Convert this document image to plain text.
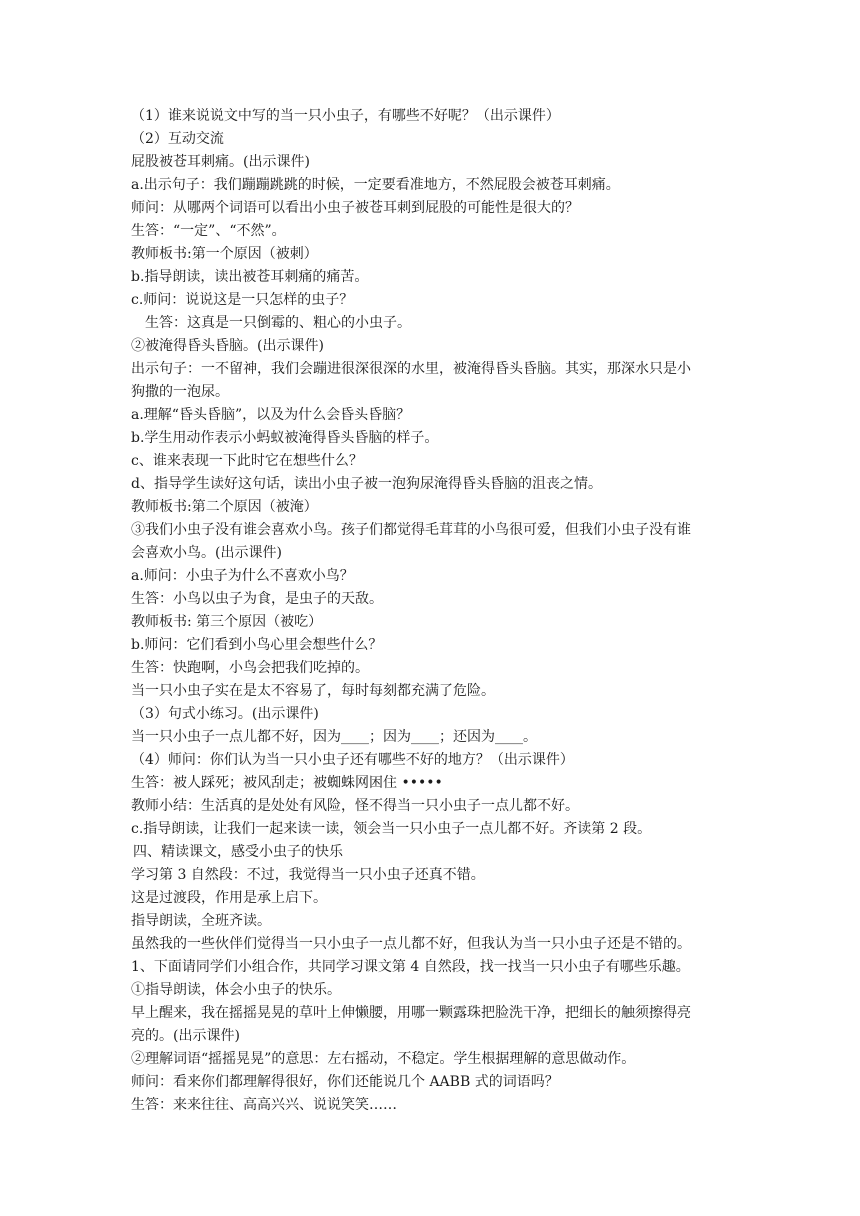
（1）谁来说说文中写的当一只小虫子，有哪些不好呢？（出示课件）
（2）互动交流
屁股被苍耳刺痛。(出示课件)
a.出示句子：我们蹦蹦跳跳的时候，一定要看准地方，不然屁股会被苍耳刺痛。
师问：从哪两个词语可以看出小虫子被苍耳刺到屁股的可能性是很大的？
生答：“一定”、“不然”。
教师板书:第一个原因（被刺）
b.指导朗读，读出被苍耳刺痛的痛苦。
c.师问：说说这是一只怎样的虫子？
生答：这真是一只倒霉的、粗心的小虫子。
②被淹得昏头昏脑。(出示课件)
出示句子：一不留神，我们会蹦进很深很深的水里，被淹得昏头昏脑。其实，那深水只是小
狗撒的一泡尿。
a.理解“昏头昏脑”，以及为什么会昏头昏脑？
b.学生用动作表示小蚂蚁被淹得昏头昏脑的样子。
c、谁来表现一下此时它在想些什么？
d、指导学生读好这句话，读出小虫子被一泡狗尿淹得昏头昏脑的沮丧之情。
教师板书:第二个原因（被淹）
③我们小虫子没有谁会喜欢小鸟。孩子们都觉得毛茸茸的小鸟很可爱，但我们小虫子没有谁
会喜欢小鸟。(出示课件)
a.师问：小虫子为什么不喜欢小鸟？
生答：小鸟以虫子为食，是虫子的天敌。
教师板书: 第三个原因（被吃）
b.师问：它们看到小鸟心里会想些什么？
生答：快跑啊，小鸟会把我们吃掉的。
当一只小虫子实在是太不容易了，每时每刻都充满了危险。
（3）句式小练习。(出示课件)
当一只小虫子一点儿都不好，因为____；因为____；还因为____。
（4）师问：你们认为当一只小虫子还有哪些不好的地方？（出示课件）
生答：被人踩死；被风刮走；被蜘蛛网困住 •••••
教师小结：生活真的是处处有风险，怪不得当一只小虫子一点儿都不好。
c.指导朗读，让我们一起来读一读，领会当一只小虫子一点儿都不好。齐读第 2 段。
四、精读课文，感受小虫子的快乐
学习第 3 自然段：不过，我觉得当一只小虫子还真不错。
这是过渡段，作用是承上启下。
指导朗读，全班齐读。
虽然我的一些伙伴们觉得当一只小虫子一点儿都不好，但我认为当一只小虫子还是不错的。
1、下面请同学们小组合作，共同学习课文第 4 自然段，找一找当一只小虫子有哪些乐趣。
①指导朗读，体会小虫子的快乐。
早上醒来，我在摇摇晃晃的草叶上伸懒腰，用哪一颗露珠把脸洗干净，把细长的触须擦得亮
亮的。(出示课件)
②理解词语“摇摇晃晃”的意思：左右摇动，不稳定。学生根据理解的意思做动作。
师问：看来你们都理解得很好，你们还能说几个 AABB 式的词语吗？
生答：来来往往、高高兴兴、说说笑笑……
